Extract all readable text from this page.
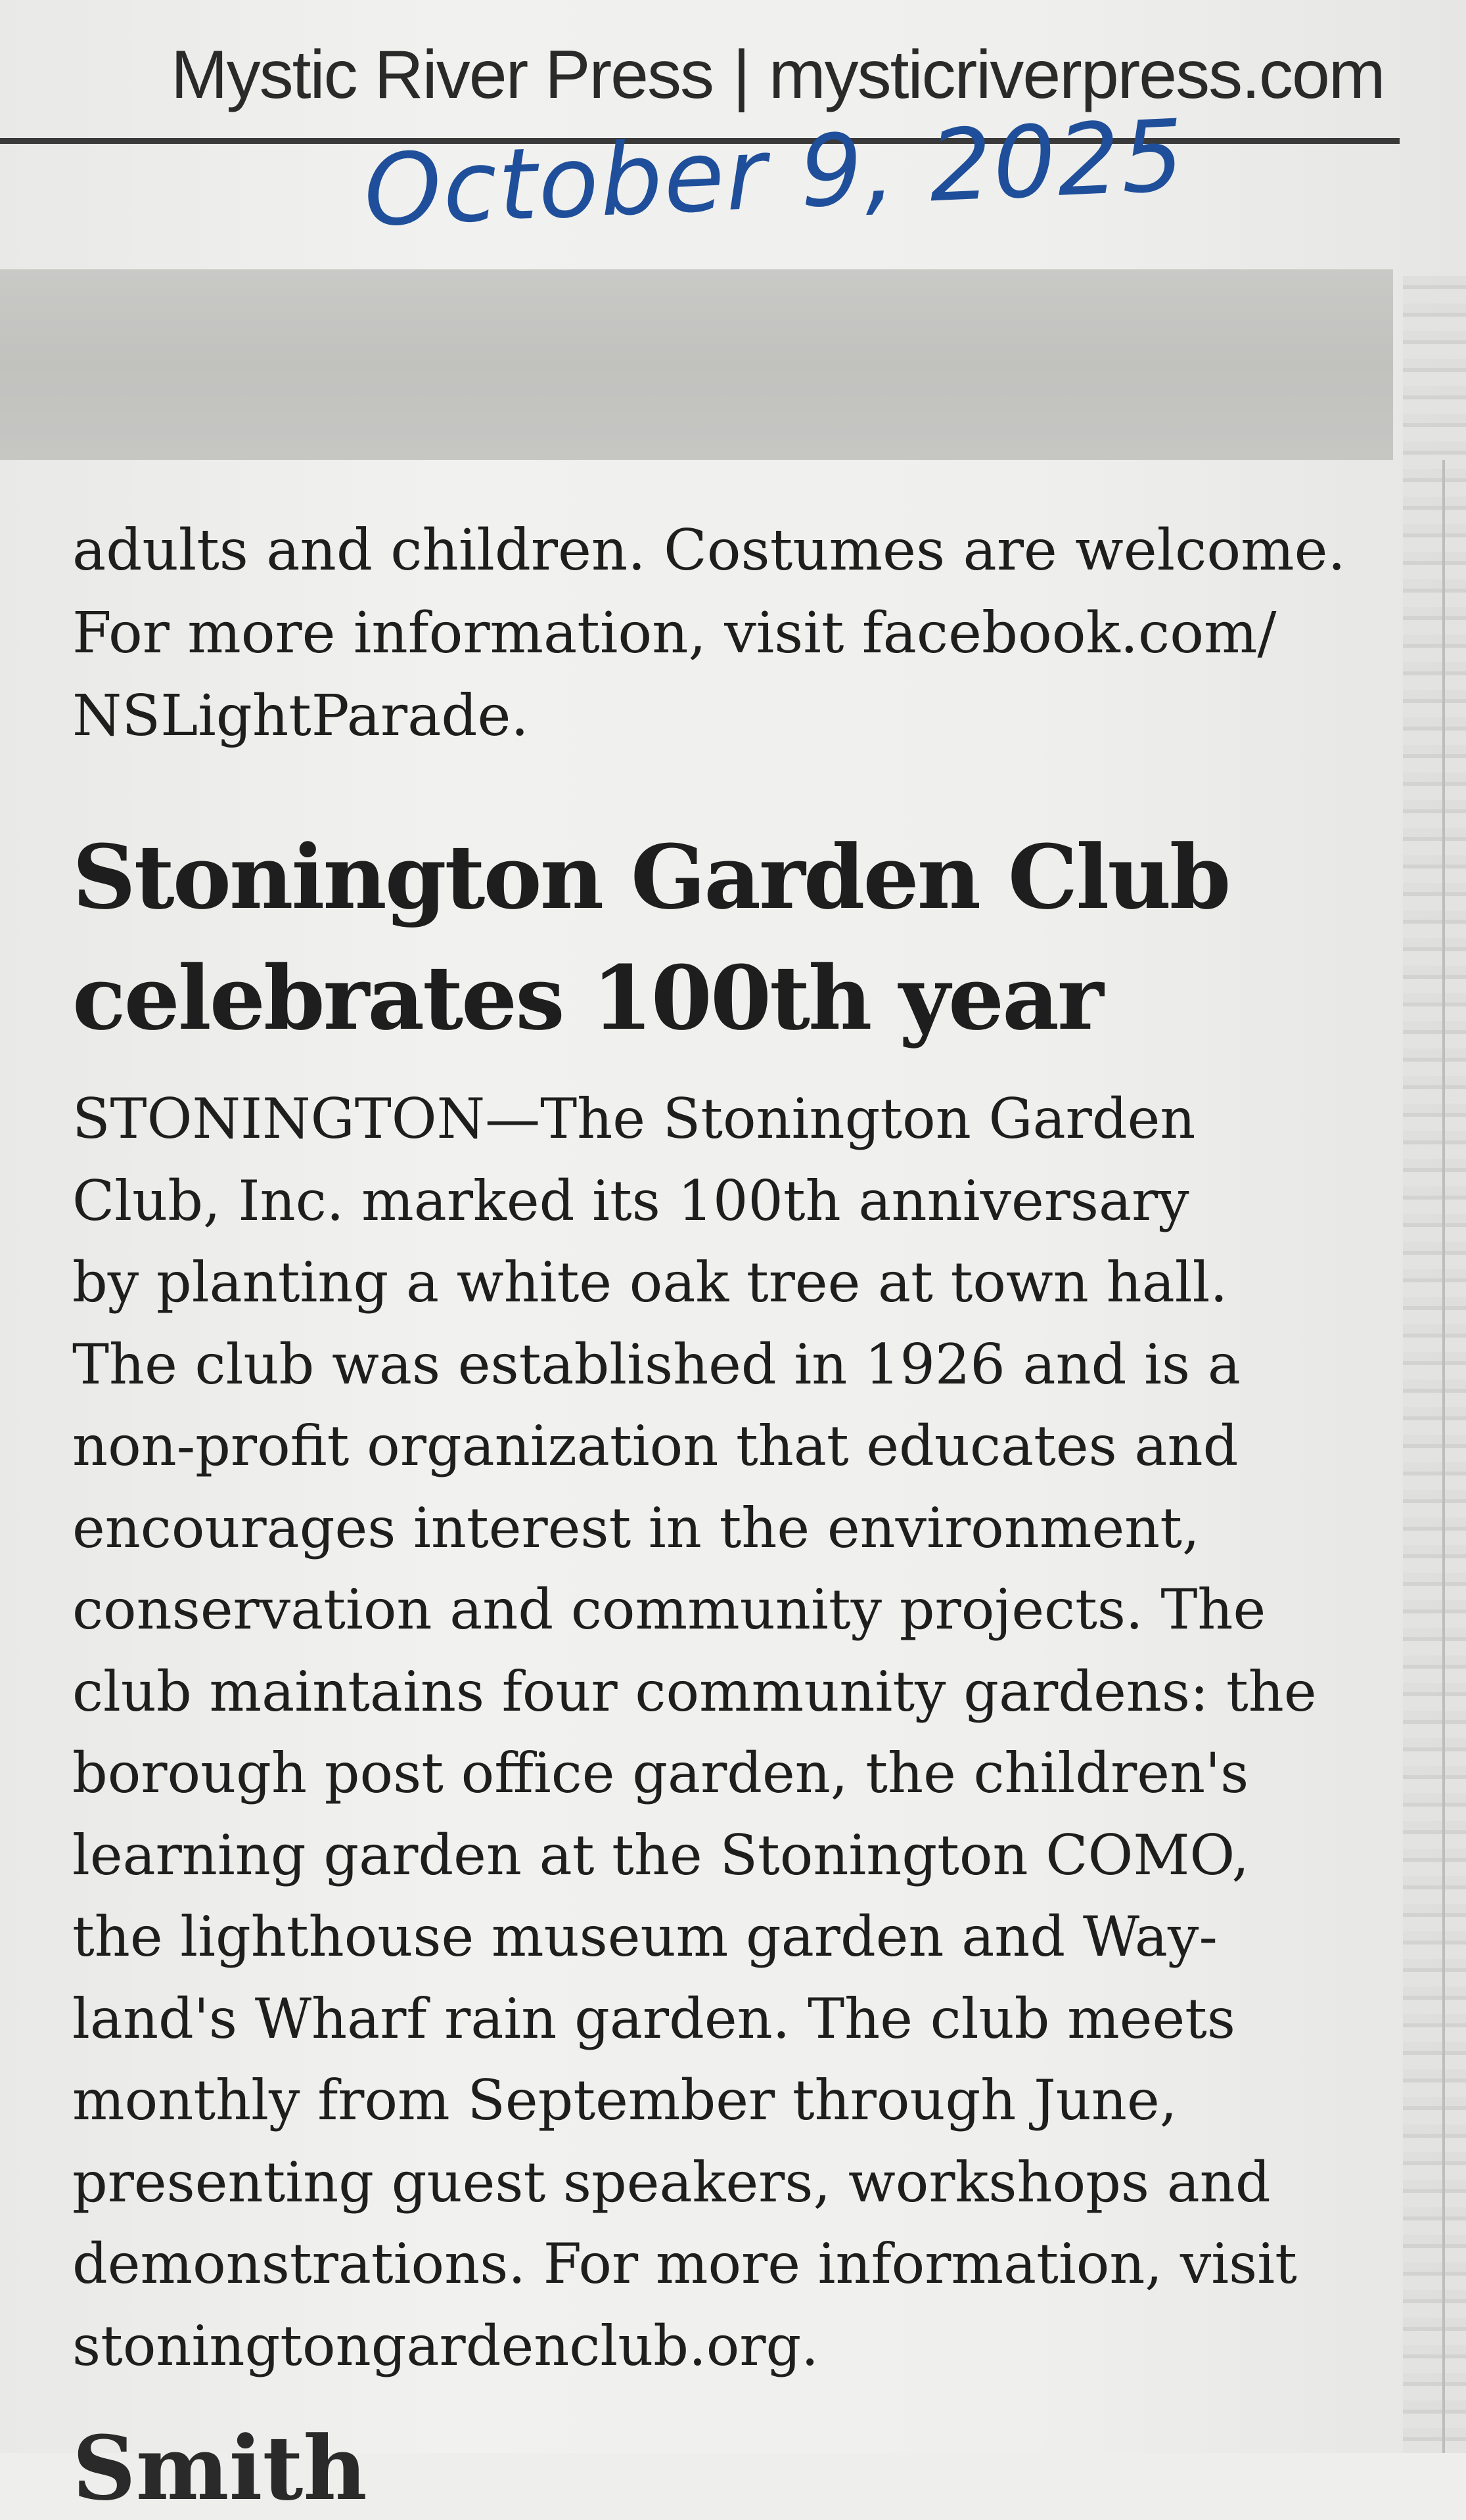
Mystic River Press | mysticriverpress.com
October 9, 2025

adults and children. Costumes are welcome.
For more information, visit facebook.com/
NSLightParade.

Stonington Garden Club
celebrates 100th year

STONINGTON—The Stonington Garden
Club, Inc. marked its 100th anniversary
by planting a white oak tree at town hall.
The club was established in 1926 and is a
non-profit organization that educates and
encourages interest in the environment,
conservation and community projects. The
club maintains four community gardens: the
borough post office garden, the children's
learning garden at the Stonington COMO,
the lighthouse museum garden and Way-
land's Wharf rain garden. The club meets
monthly from September through June,
presenting guest speakers, workshops and
demonstrations. For more information, visit
stoningtongardenclub.org.

Smith
